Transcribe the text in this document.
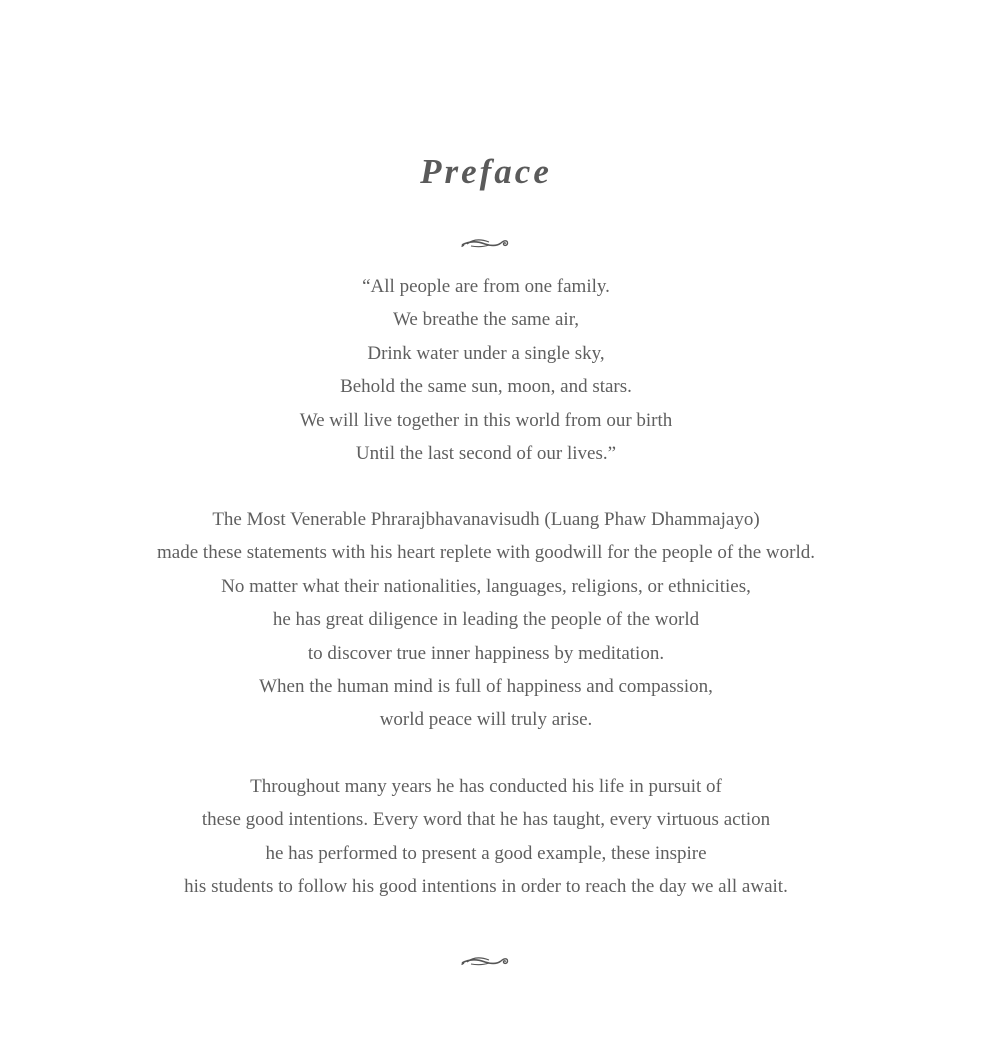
Preface
“All people are from one family.
We breathe the same air,
Drink water under a single sky,
Behold the same sun, moon, and stars.
We will live together in this world from our birth
Until the last second of our lives.”
The Most Venerable Phrarajbhavanavisudh (Luang Phaw Dhammajayo)
made these statements with his heart replete with goodwill for the people of the world.
No matter what their nationalities, languages, religions, or ethnicities,
he has great diligence in leading the people of the world
to discover true inner happiness by meditation.
When the human mind is full of happiness and compassion,
world peace will truly arise.
Throughout many years he has conducted his life in pursuit of
these good intentions. Every word that he has taught, every virtuous action
he has performed to present a good example, these inspire
his students to follow his good intentions in order to reach the day we all await.
